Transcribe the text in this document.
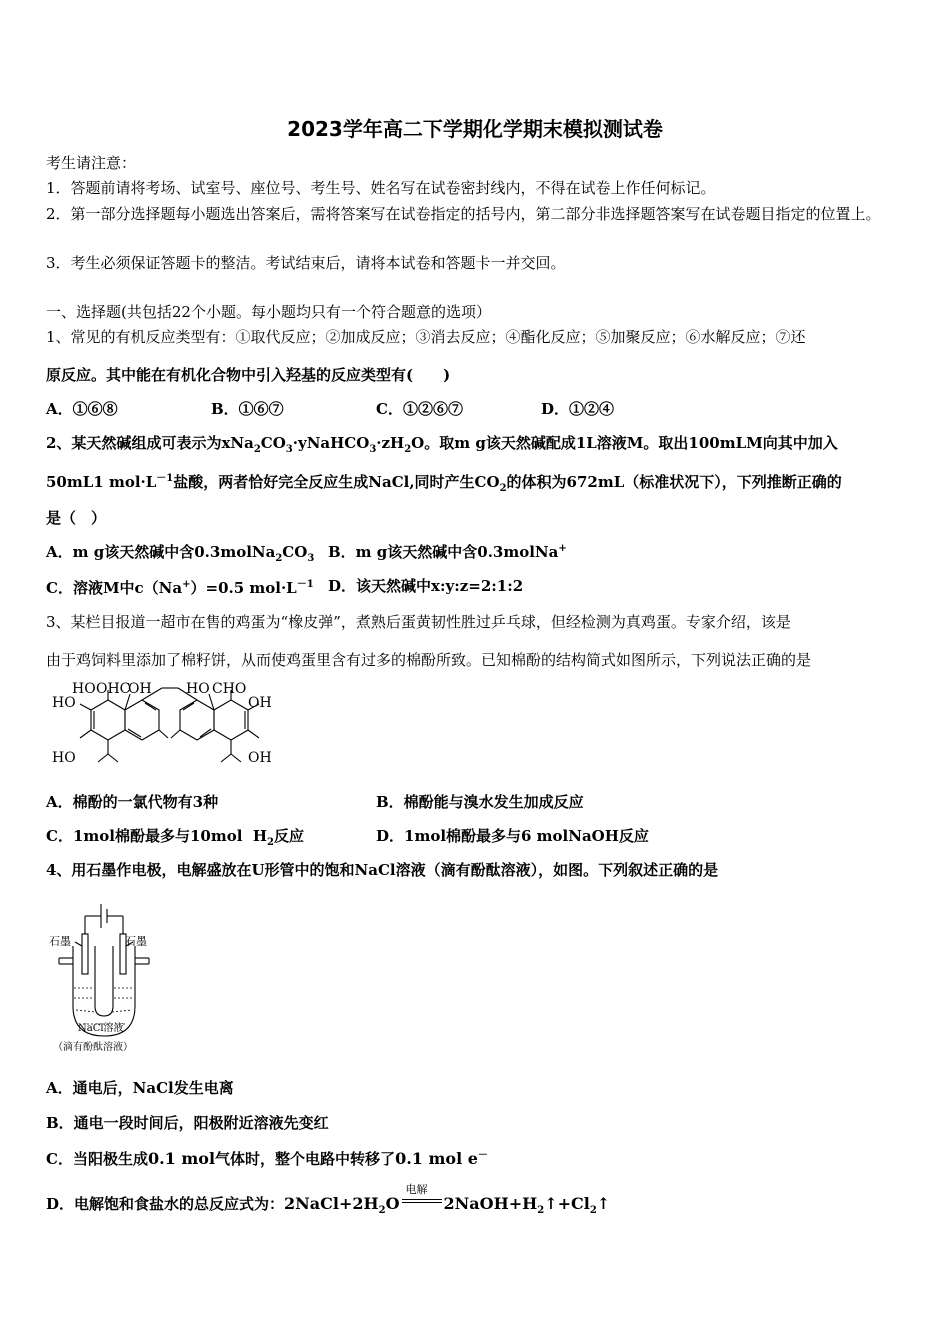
2023学年高二下学期化学期末模拟测试卷
考生请注意：
1．答题前请将考场、试室号、座位号、考生号、姓名写在试卷密封线内，不得在试卷上作任何标记。
2．第一部分选择题每小题选出答案后，需将答案写在试卷指定的括号内，第二部分非选择题答案写在试卷题目指定的位置上。
3．考生必须保证答题卡的整洁。考试结束后，请将本试卷和答题卡一并交回。
一、选择题(共包括22个小题。每小题均只有一个符合题意的选项）
1、常见的有机反应类型有：①取代反应；②加成反应；③消去反应；④酯化反应；⑤加聚反应；⑥水解反应；⑦还
原反应。其中能在有机化合物中引入羟基的反应类型有(　　)
A．①⑥⑧	B．①⑥⑦	C．①②⑥⑦	D．①②④
2、某天然碱组成可表示为$xNa_2CO_3\cdot yNaHCO_3\cdot zH_2O$。取m g该天然碱配成1L溶液M。取出100mLM向其中加入
50mL1 $mol\cdot L^{-1}$盐酸，两者恰好完全反应生成NaCl,同时产生$CO_2$的体积为672mL（标准状况下），下列推断正确的
是（　）
A．m g该天然碱中含$0.3molNa_2CO_3$ B．m g该天然碱中含0.3molNa+
C．溶液M中c（Na+）=0.5 $mol\cdot L^{-1}$ D．该天然碱中x:y:z=2:1:2
3、某栏目报道一超市在售的鸡蛋为“橡皮弹”，煮熟后蛋黄韧性胜过乒乓球，但经检测为真鸡蛋。专家介绍，该是
由于鸡饲料里添加了棉籽饼，从而使鸡蛋里含有过多的棉酚所致。已知棉酚的结构简式如图所示，下列说法正确的是
HO OHC
OH HO CHO
OH
HO
HO	OH
A．棉酚的一氯代物有3种	B．棉酚能与溴水发生加成反应
C．1mol棉酚最多与10mol $H_2$反应	D．1mol棉酚最多与6 molNaOH反应
4、用石墨作电极，电解盛放在U形管中的饱和NaCl溶液（滴有酚酞溶液），如图。下列叙述正确的是
石墨	石墨
NaCl溶液
（滴有酚酞溶液）
A．通电后，NaCl发生电离
B．通电一段时间后，阳极附近溶液先变红
C．当阳极生成0.1 mol气体时，整个电路中转移了0.1 mol e－
D．电解饱和食盐水的总反应式为：$2NaCl+2H_2O$
电解
$2NaOH+H_2↑+Cl_2↑$
